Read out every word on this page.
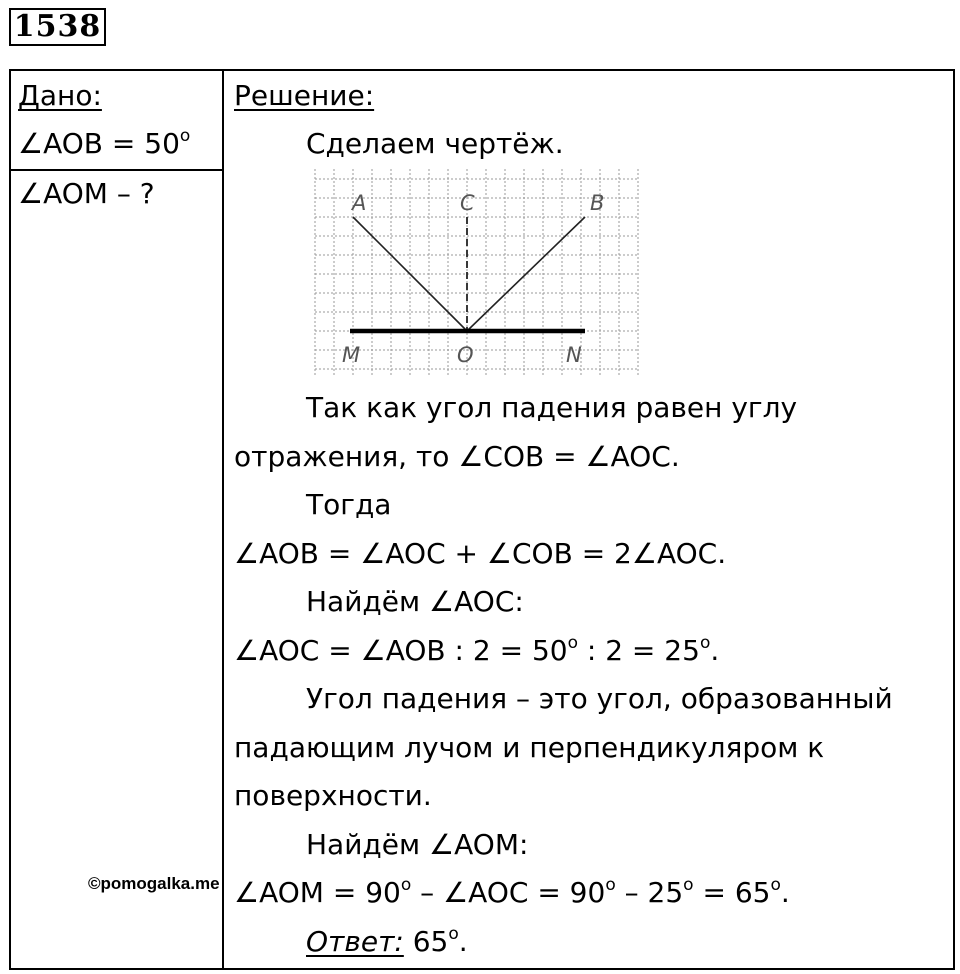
1538
Дано:
∠AOB = $50^о$
∠AOM – ?
Решение:
Сделаем чертёж.
A	C	B
M	O	N
Так как угол падения равен углу
отражения, то ∠COB = ∠AOC.
Тогда
∠AOB = ∠AOC + ∠COB = 2∠AOC.
Найдём ∠AOC:
∠AOC = ∠AOB : $2 = 50^о$ : $2 = 25^о$.
Угол падения – это угол, образованный
падающим лучом и перпендикуляром к
поверхности.
Найдём ∠AOM:
∠AOM = $90^о$ – ∠AOC = $90^о - 25^о = 65^о$.
Ответ: $65^о$.
©pomogalka.me
